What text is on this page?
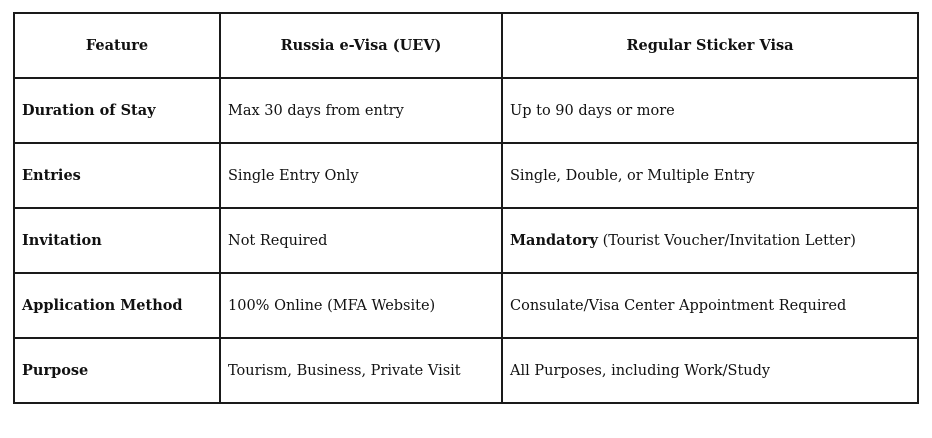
Feature	Russia e-Visa (UEV)	Regular Sticker Visa
Duration of Stay	Max 30 days from entry	Up to 90 days or more
Entries	Single Entry Only	Single, Double, or Multiple Entry
Invitation	Not Required	Mandatory (Tourist Voucher/Invitation Letter)
Application Method	100% Online (MFA Website)	Consulate/Visa Center Appointment Required
Purpose	Tourism, Business, Private Visit	All Purposes, including Work/Study
